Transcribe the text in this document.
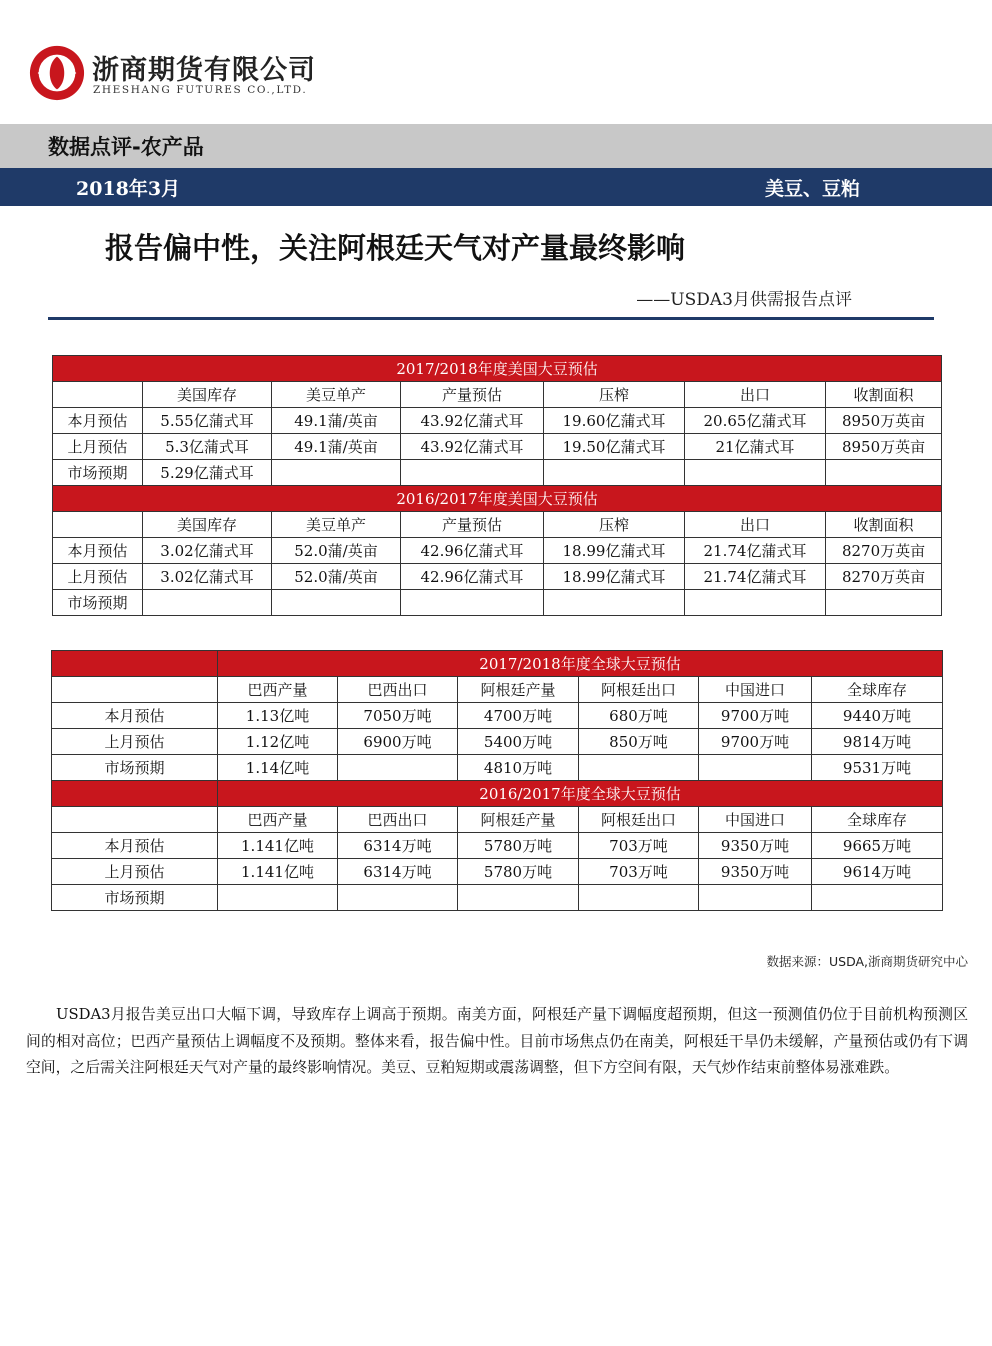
浙商期货有限公司
ZHESHANG FUTURES CO.,LTD.
数据点评-农产品
2018年3月	美豆、豆粕
报告偏中性，关注阿根廷天气对产量最终影响
——USDA3月供需报告点评
2017/2018年度美国大豆预估						
	美国库存	美豆单产	产量预估	压榨	出口	收割面积
本月预估	5.55亿蒲式耳	49.1蒲/英亩	43.92亿蒲式耳	19.60亿蒲式耳	20.65亿蒲式耳	8950万英亩
上月预估	5.3亿蒲式耳	49.1蒲/英亩	43.92亿蒲式耳	19.50亿蒲式耳	21亿蒲式耳	8950万英亩
市场预期	5.29亿蒲式耳					
2016/2017年度美国大豆预估						
	美国库存	美豆单产	产量预估	压榨	出口	收割面积
本月预估	3.02亿蒲式耳	52.0蒲/英亩	42.96亿蒲式耳	18.99亿蒲式耳	21.74亿蒲式耳	8270万英亩
上月预估	3.02亿蒲式耳	52.0蒲/英亩	42.96亿蒲式耳	18.99亿蒲式耳	21.74亿蒲式耳	8270万英亩
市场预期						
	2017/2018年度全球大豆预估					
	巴西产量	巴西出口	阿根廷产量	阿根廷出口	中国进口	全球库存
本月预估	1.13亿吨	7050万吨	4700万吨	680万吨	9700万吨	9440万吨
上月预估	1.12亿吨	6900万吨	5400万吨	850万吨	9700万吨	9814万吨
市场预期	1.14亿吨		4810万吨			9531万吨
	2016/2017年度全球大豆预估					
	巴西产量	巴西出口	阿根廷产量	阿根廷出口	中国进口	全球库存
本月预估	1.141亿吨	6314万吨	5780万吨	703万吨	9350万吨	9665万吨
上月预估	1.141亿吨	6314万吨	5780万吨	703万吨	9350万吨	9614万吨
市场预期						
数据来源：USDA,浙商期货研究中心
USDA3月报告美豆出口大幅下调，导致库存上调高于预期。南美方面，阿根廷产量下调幅度超预期，但这一预测值仍位于目前机构预测区间的相对高位；巴西产量预估上调幅度不及预期。整体来看，报告偏中性。目前市场焦点仍在南美，阿根廷干旱仍未缓解，产量预估或仍有下调空间，之后需关注阿根廷天气对产量的最终影响情况。美豆、豆粕短期或震荡调整，但下方空间有限，天气炒作结束前整体易涨难跌。
